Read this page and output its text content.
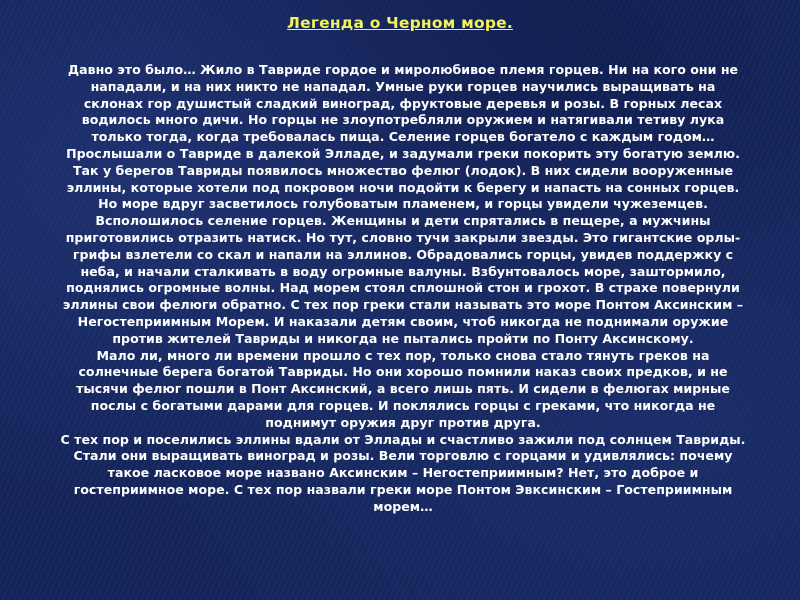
Легенда о Черном море.
Давно это было… Жило в Тавриде гордое и миролюбивое племя горцев. Ни на кого они не
нападали, и на них никто не нападал. Умные руки горцев научились выращивать на
склонах гор душистый сладкий виноград, фруктовые деревья и розы. В горных лесах
водилось много дичи. Но горцы не злоупотребляли оружием и натягивали тетиву лука
только тогда, когда требовалась пища. Селение горцев богатело с каждым годом…
Прослышали о Тавриде в далекой Элладе, и задумали греки покорить эту богатую землю.
Так у берегов Тавриды появилось множество фелюг (лодок). В них сидели вооруженные
эллины, которые хотели под покровом ночи подойти к берегу и напасть на сонных горцев.
Но море вдруг засветилось голубоватым пламенем, и горцы увидели чужеземцев.
Всполошилось селение горцев. Женщины и дети спрятались в пещере, а мужчины
приготовились отразить натиск. Но тут, словно тучи закрыли звезды. Это гигантские орлы-
грифы взлетели со скал и напали на эллинов. Обрадовались горцы, увидев поддержку с
неба, и начали сталкивать в воду огромные валуны. Взбунтовалось море, заштормило,
поднялись огромные волны. Над морем стоял сплошной стон и грохот. В страхе повернули
эллины свои фелюги обратно. С тех пор греки стали называть это море Понтом Аксинским –
Негостеприимным Морем. И наказали детям своим, чтоб никогда не поднимали оружие
против жителей Тавриды и никогда не пытались пройти по Понту Аксинскому.
Мало ли, много ли времени прошло с тех пор, только снова стало тянуть греков на
солнечные берега богатой Тавриды. Но они хорошо помнили наказ своих предков, и не
тысячи фелюг пошли в Понт Аксинский, а всего лишь пять. И сидели в фелюгах мирные
послы с богатыми дарами для горцев. И поклялись горцы с греками, что никогда не
поднимут оружия друг против друга.
С тех пор и поселились эллины вдали от Эллады и счастливо зажили под солнцем Тавриды.
Стали они выращивать виноград и розы. Вели торговлю с горцами и удивлялись: почему
такое ласковое море названо Аксинским – Негостеприимным? Нет, это доброе и
гостеприимное море. С тех пор назвали греки море Понтом Эвксинским – Гостеприимным
морем…
